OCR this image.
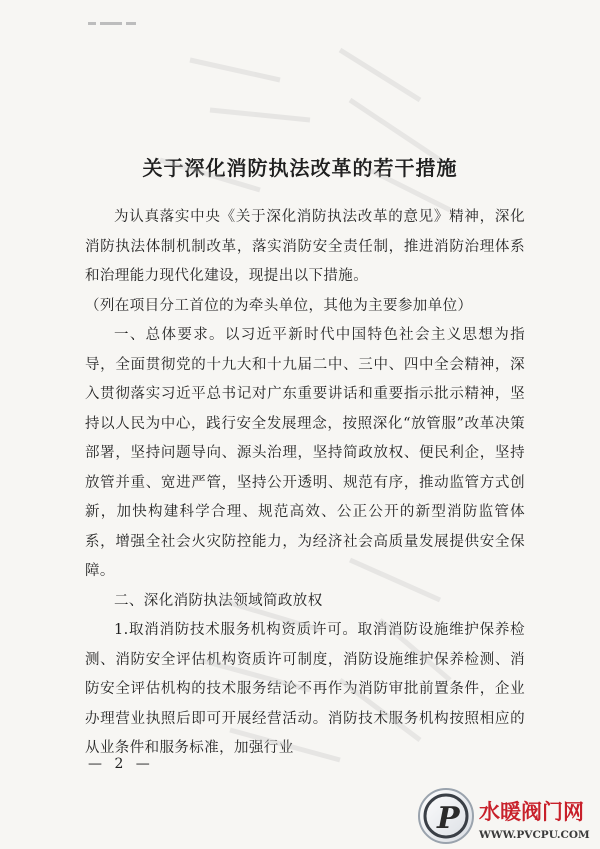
关于深化消防执法改革的若干措施

为认真落实中央《关于深化消防执法改革的意见》精神，深化消防执法体制机制改革，落实消防安全责任制，推进消防治理体系和治理能力现代化建设，现提出以下措施。

（列在项目分工首位的为牵头单位，其他为主要参加单位）

一、总体要求。以习近平新时代中国特色社会主义思想为指导，全面贯彻党的十九大和十九届二中、三中、四中全会精神，深入贯彻落实习近平总书记对广东重要讲话和重要指示批示精神，坚持以人民为中心，践行安全发展理念，按照深化“放管服”改革决策部署，坚持问题导向、源头治理，坚持简政放权、便民利企，坚持放管并重、宽进严管，坚持公开透明、规范有序，推动监管方式创新，加快构建科学合理、规范高效、公正公开的新型消防监管体系，增强全社会火灾防控能力，为经济社会高质量发展提供安全保障。

二、深化消防执法领域简政放权

1.取消消防技术服务机构资质许可。取消消防设施维护保养检测、消防安全评估机构资质许可制度，消防设施维护保养检测、消防安全评估机构的技术服务结论不再作为消防审批前置条件，企业办理营业执照后即可开展经营活动。消防技术服务机构按照相应的从业条件和服务标准，加强行业

— 2 —
P 水暖阀门网
WWW.PVCPU.COM
